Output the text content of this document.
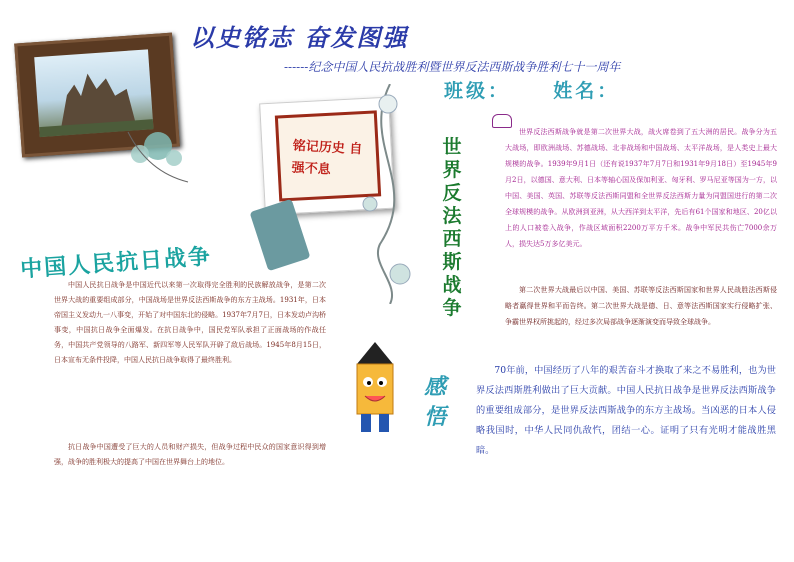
以史铭志 奋发图强
------纪念中国人民抗战胜利暨世界反法西斯战争胜利七十一周年
班级： 姓名：
铭记历史 自强不息
世界反法西斯战争
中国人民抗日战争
中国人民抗日战争是中国近代以来第一次取得完全胜利的民族解放战争，是第二次世界大战的重要组成部分，中国战场是世界反法西斯战争的东方主战场。1931年，日本帝国主义发动九一八事变，开始了对中国东北的侵略。1937年7月7日，日本发动卢沟桥事变，中国抗日战争全面爆发。在抗日战争中，国民党军队承担了正面战场的作战任务，中国共产党领导的八路军、新四军等人民军队开辟了敌后战场。1945年8月15日，日本宣布无条件投降，中国人民抗日战争取得了最终胜利。
抗日战争中国遭受了巨大的人员和财产损失，但战争过程中民众的国家意识得到增强，战争的胜利极大的提高了中国在世界舞台上的地位。
世界反法西斯战争就是第二次世界大战，战火席卷到了五大洲的居民。战争分为五大战场，即欧洲战场、苏德战场、北非战场和中国战场、太平洋战场，是人类史上最大规模的战争。1939年9月1日（还有说1937年7月7日和1931年9月18日）至1945年9月2日，以德国、意大利、日本等轴心国及保加利亚、匈牙利、罗马尼亚等国为一方，以中国、美国、英国、苏联等反法西斯同盟和全世界反法西斯力量为同盟国进行的第二次全球规模的战争。从欧洲到亚洲，从大西洋到太平洋，先后有61个国家和地区、20亿以上的人口被卷入战争，作战区域面积2200万平方千米。战争中军民共伤亡7000余万人，损失达5万多亿美元。
第二次世界大战最后以中国、美国、苏联等反法西斯国家和世界人民战胜法西斯侵略者赢得世界和平而告终。第二次世界大战是德、日、意等法西斯国家实行侵略扩张、争霸世界权所挑起的，经过多次局部战争逐渐演变而导致全球战争。
70年前，中国经历了八年的艰苦奋斗才换取了来之不易胜利，也为世界反法西斯胜利做出了巨大贡献。中国人民抗日战争是世界反法西斯战争的重要组成部分，是世界反法西斯战争的东方主战场。当凶恶的日本人侵略我国时，中华人民同仇敌忾，团结一心。证明了只有光明才能战胜黑暗。
感悟
